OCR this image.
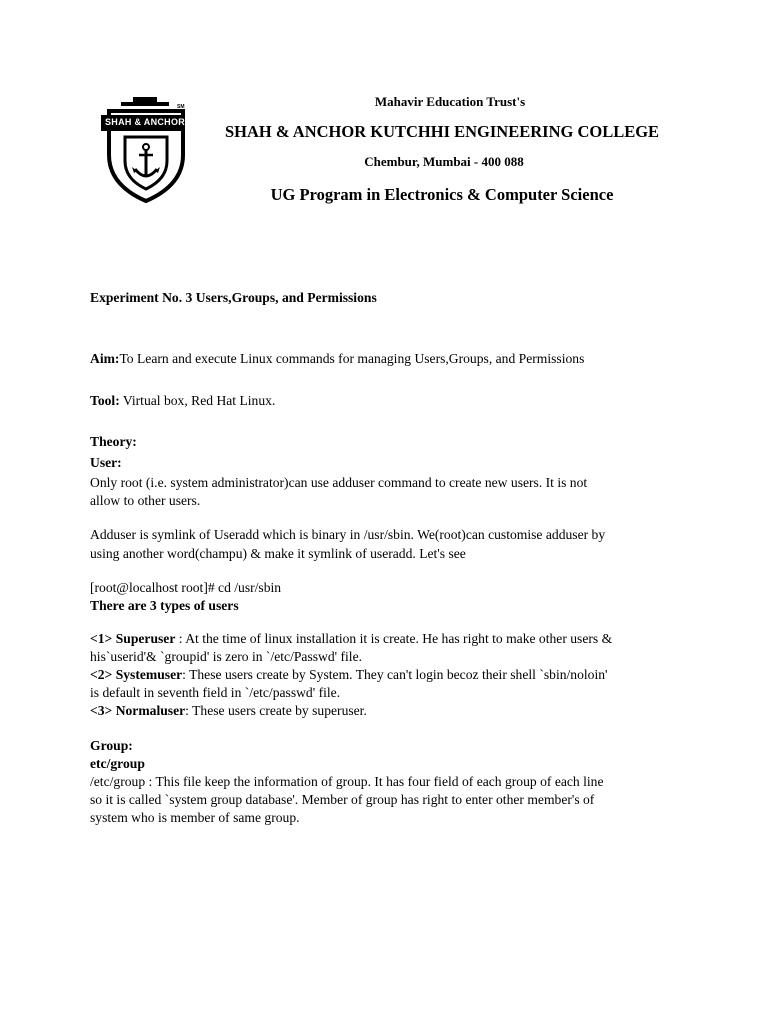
SHAH & ANCHOR
SM	Mahavir Education Trust's
SHAH & ANCHOR KUTCHHI ENGINEERING COLLEGE
Chembur, Mumbai - 400 088
UG Program in Electronics & Computer Science
Experiment No. 3 Users,Groups, and Permissions
Aim:To Learn and execute Linux commands for managing Users,Groups, and Permissions
Tool: Virtual box, Red Hat Linux.
Theory:
User:
Only root (i.e. system administrator)can use adduser command to create new users. It is not
allow to other users.
Adduser is symlink of Useradd which is binary in /usr/sbin. We(root)can customise adduser by
using another word(champu) & make it symlink of useradd. Let's see
[root@localhost root]# cd /usr/sbin
There are 3 types of users
<1> Superuser : At the time of linux installation it is create. He has right to make other users &
his`userid'& `groupid' is zero in `/etc/Passwd' file.
<2> Systemuser: These users create by System. They can't login becoz their shell `sbin/noloin'
is default in seventh field in `/etc/passwd' file.
<3> Normaluser: These users create by superuser.
Group:
etc/group
/etc/group : This file keep the information of group. It has four field of each group of each line
so it is called `system group database'. Member of group has right to enter other member's of
system who is member of same group.
